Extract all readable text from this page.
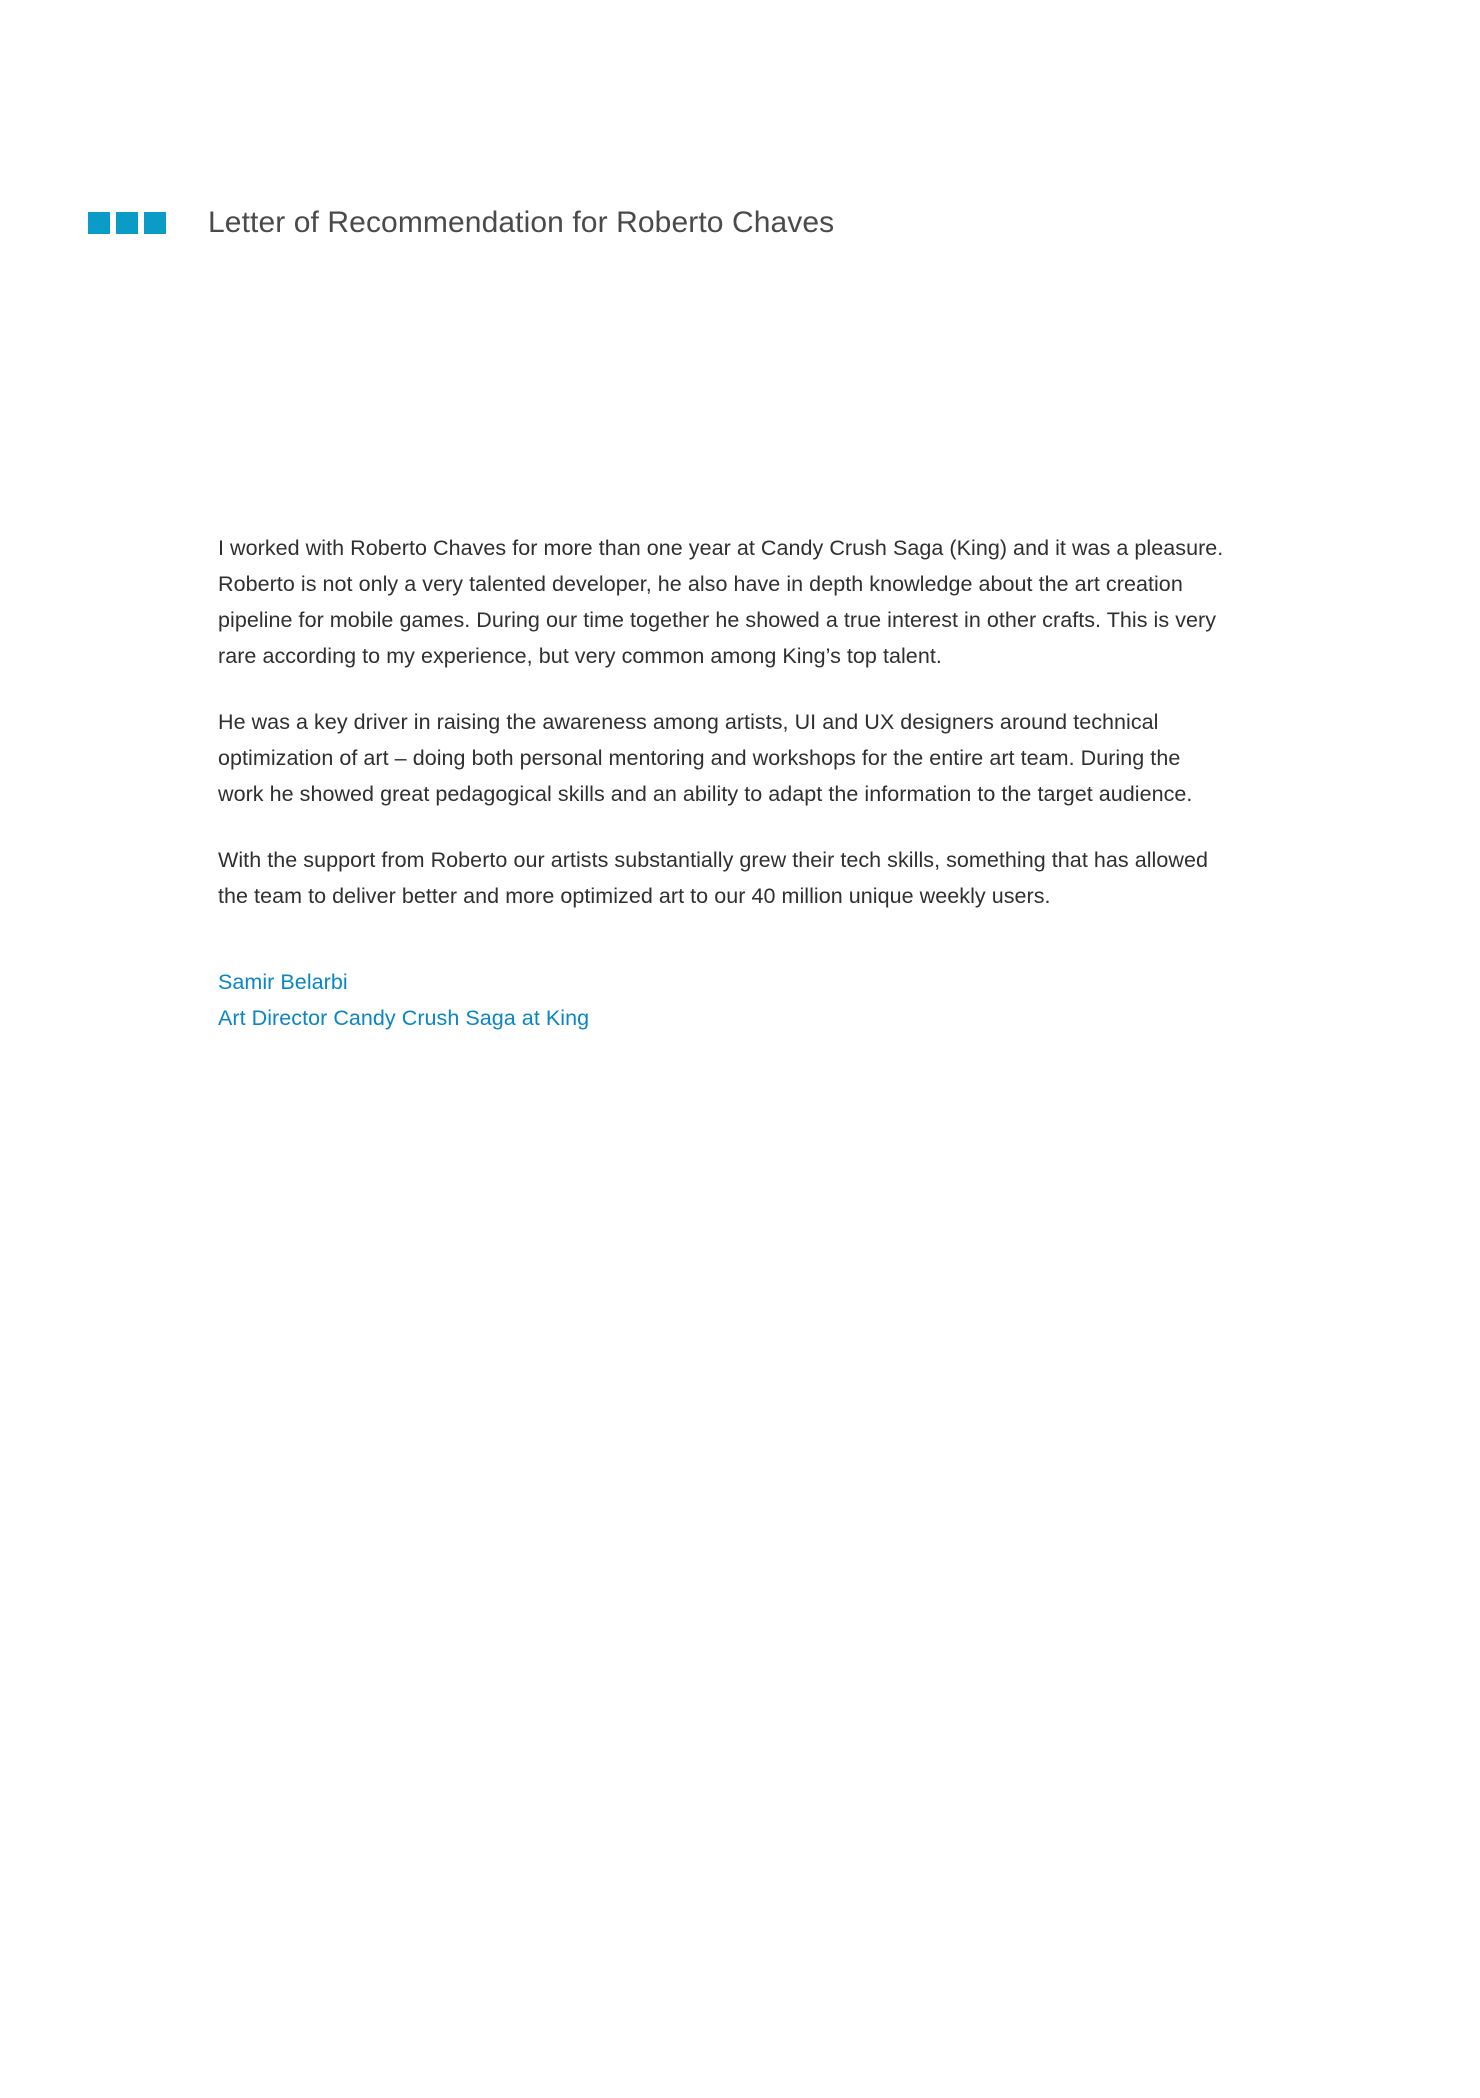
Letter of Recommendation for Roberto Chaves

I worked with Roberto Chaves for more than one year at Candy Crush Saga (King) and it was a pleasure. Roberto is not only a very talented developer, he also have in depth knowledge about the art creation pipeline for mobile games. During our time together he showed a true interest in other crafts. This is very rare according to my experience, but very common among King’s top talent.

He was a key driver in raising the awareness among artists, UI and UX designers around technical optimization of art – doing both personal mentoring and workshops for the entire art team. During the work he showed great pedagogical skills and an ability to adapt the information to the target audience.

With the support from Roberto our artists substantially grew their tech skills, something that has allowed the team to deliver better and more optimized art to our 40 million unique weekly users.

Samir Belarbi
Art Director Candy Crush Saga at King
